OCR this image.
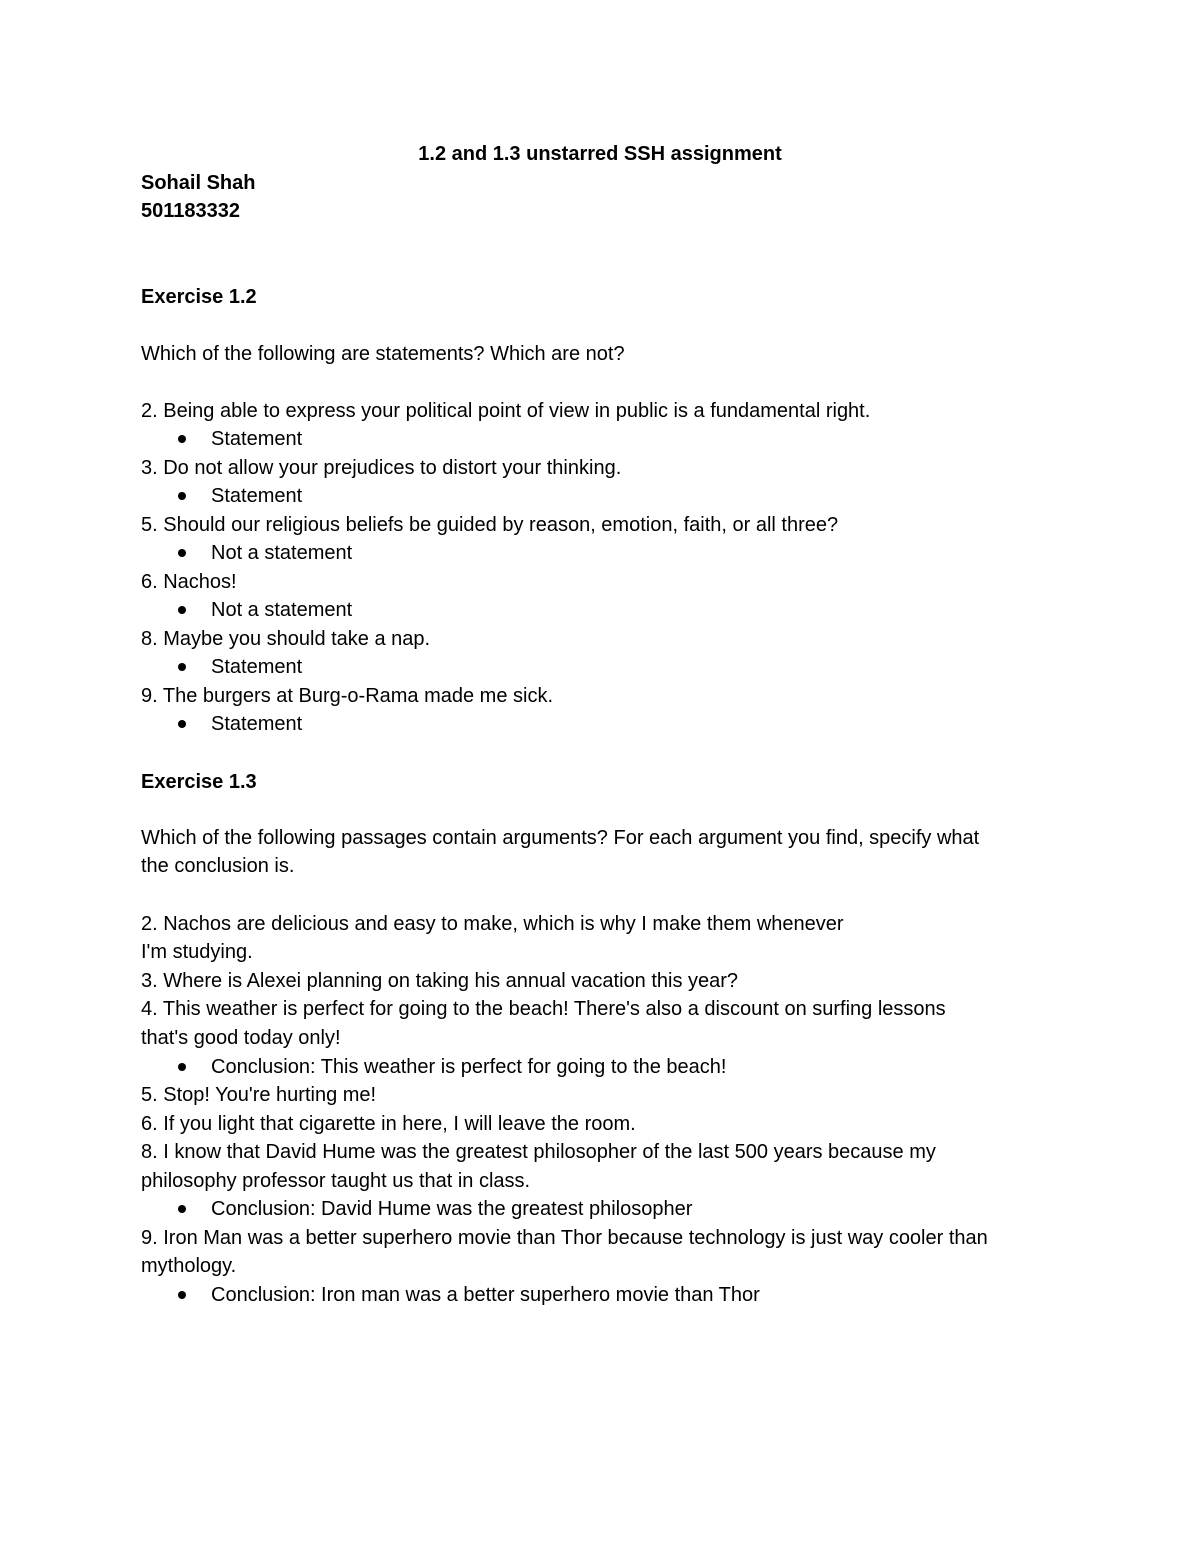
1.2 and 1.3 unstarred SSH assignment
Sohail Shah
501183332
Exercise 1.2
Which of the following are statements? Which are not?
2. Being able to express your political point of view in public is a fundamental right.
Statement
3. Do not allow your prejudices to distort your thinking.
Statement
5. Should our religious beliefs be guided by reason, emotion, faith, or all three?
Not a statement
6. Nachos!
Not a statement
8. Maybe you should take a nap.
Statement
9. The burgers at Burg-o-Rama made me sick.
Statement
Exercise 1.3
Which of the following passages contain arguments? For each argument you find, specify what
the conclusion is.
2. Nachos are delicious and easy to make, which is why I make them whenever
I'm studying.
3. Where is Alexei planning on taking his annual vacation this year?
4. This weather is perfect for going to the beach! There's also a discount on surfing lessons
that's good today only!
Conclusion: This weather is perfect for going to the beach!
5. Stop! You're hurting me!
6. If you light that cigarette in here, I will leave the room.
8. I know that David Hume was the greatest philosopher of the last 500 years because my
philosophy professor taught us that in class.
Conclusion: David Hume was the greatest philosopher
9. Iron Man was a better superhero movie than Thor because technology is just way cooler than
mythology.
Conclusion: Iron man was a better superhero movie than Thor
